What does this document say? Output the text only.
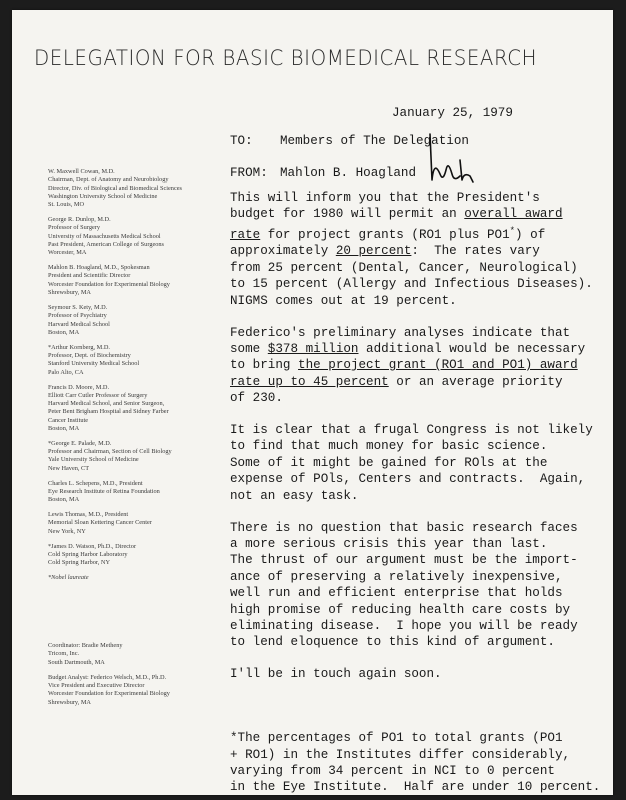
DELEGATION FOR BASIC BIOMEDICAL RESEARCH
January 25, 1979
TO: Members of The Delegation
FROM: Mahlon B. Hoagland
W. Maxwell Cowan, M.D.
Chairman, Dept. of Anatomy and Neurobiology
Director, Div. of Biological and Biomedical Sciences
Washington University School of Medicine
St. Louis, MO
George R. Dunlop, M.D.
Professor of Surgery
University of Massachusetts Medical School
Past President, American College of Surgeons
Worcester, MA
Mahlon B. Hoagland, M.D., Spokesman
President and Scientific Director
Worcester Foundation for Experimental Biology
Shrewsbury, MA
Seymour S. Kety, M.D.
Professor of Psychiatry
Harvard Medical School
Boston, MA
*Arthur Kornberg, M.D.
Professor, Dept. of Biochemistry
Stanford University Medical School
Palo Alto, CA
Francis D. Moore, M.D.
Elliott Carr Cutler Professor of Surgery
Harvard Medical School, and Senior Surgeon,
Peter Bent Brigham Hospital and Sidney Farber
Cancer Institute
Boston, MA
*George E. Palade, M.D.
Professor and Chairman, Section of Cell Biology
Yale University School of Medicine
New Haven, CT
Charles L. Schepens, M.D., President
Eye Research Institute of Retina Foundation
Boston, MA
Lewis Thomas, M.D., President
Memorial Sloan Kettering Cancer Center
New York, NY
*James D. Watson, Ph.D., Director
Cold Spring Harbor Laboratory
Cold Spring Harbor, NY
*Nobel laureate
Coordinator: Bradie Metheny
Tricom, Inc.
South Dartmouth, MA
Budget Analyst: Federico Welsch, M.D., Ph.D.
Vice President and Executive Director
Worcester Foundation for Experimental Biology
Shrewsbury, MA

This will inform you that the President's
budget for 1980 will permit an overall award
rate for project grants (RO1 plus PO1*) of
approximately 20 percent:  The rates vary
from 25 percent (Dental, Cancer, Neurological)
to 15 percent (Allergy and Infectious Diseases).
NIGMS comes out at 19 percent.

Federico's preliminary analyses indicate that
some $378 million additional would be necessary
to bring the project grant (RO1 and PO1) award
rate up to 45 percent or an average priority
of 230.

It is clear that a frugal Congress is not likely
to find that much money for basic science.
Some of it might be gained for ROls at the
expense of POls, Centers and contracts.  Again,
not an easy task.

There is no question that basic research faces
a more serious crisis this year than last.
The thrust of our argument must be the import-
ance of preserving a relatively inexpensive,
well run and efficient enterprise that holds
high promise of reducing health care costs by
eliminating disease.  I hope you will be ready
to lend eloquence to this kind of argument.

I'll be in touch again soon.

*The percentages of PO1 to total grants (PO1
+ RO1) in the Institutes differ considerably,
varying from 34 percent in NCI to 0 percent
in the Eye Institute.  Half are under 10 percent.
